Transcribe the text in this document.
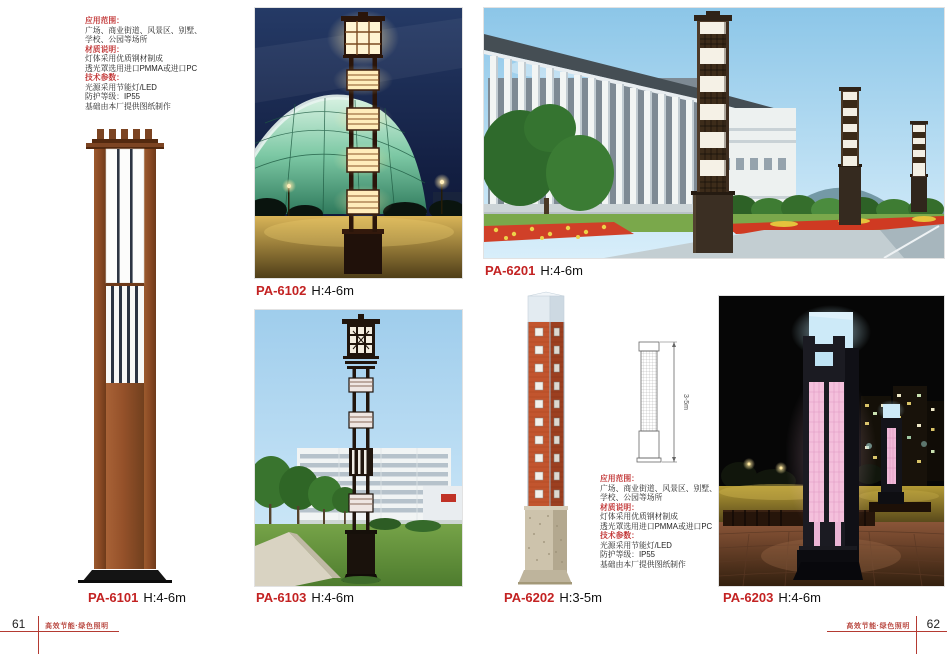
应用范围：
广场、商业街道、风景区、别墅、
学校、公园等场所
材质说明：
灯体采用优质钢材制成
透光罩选用进口PMMA或进口PC
技术参数：
光源采用节能灯/LED
防护等级：IP55
基础由本厂提供图纸制作
PA-6101 H:4-6m
PA-6102 H:4-6m
PA-6103 H:4-6m
61	高效节能·绿色照明
PA-6201 H:4-6m
PA-6202 H:3-5m
3-5m
应用范围：
广场、商业街道、风景区、别墅、
学校、公园等场所
材质说明：
灯体采用优质钢材制成
透光罩选用进口PMMA或进口PC
技术参数：
光源采用节能灯/LED
防护等级：IP55
基础由本厂提供图纸制作
PA-6203 H:4-6m
高效节能·绿色照明 62
